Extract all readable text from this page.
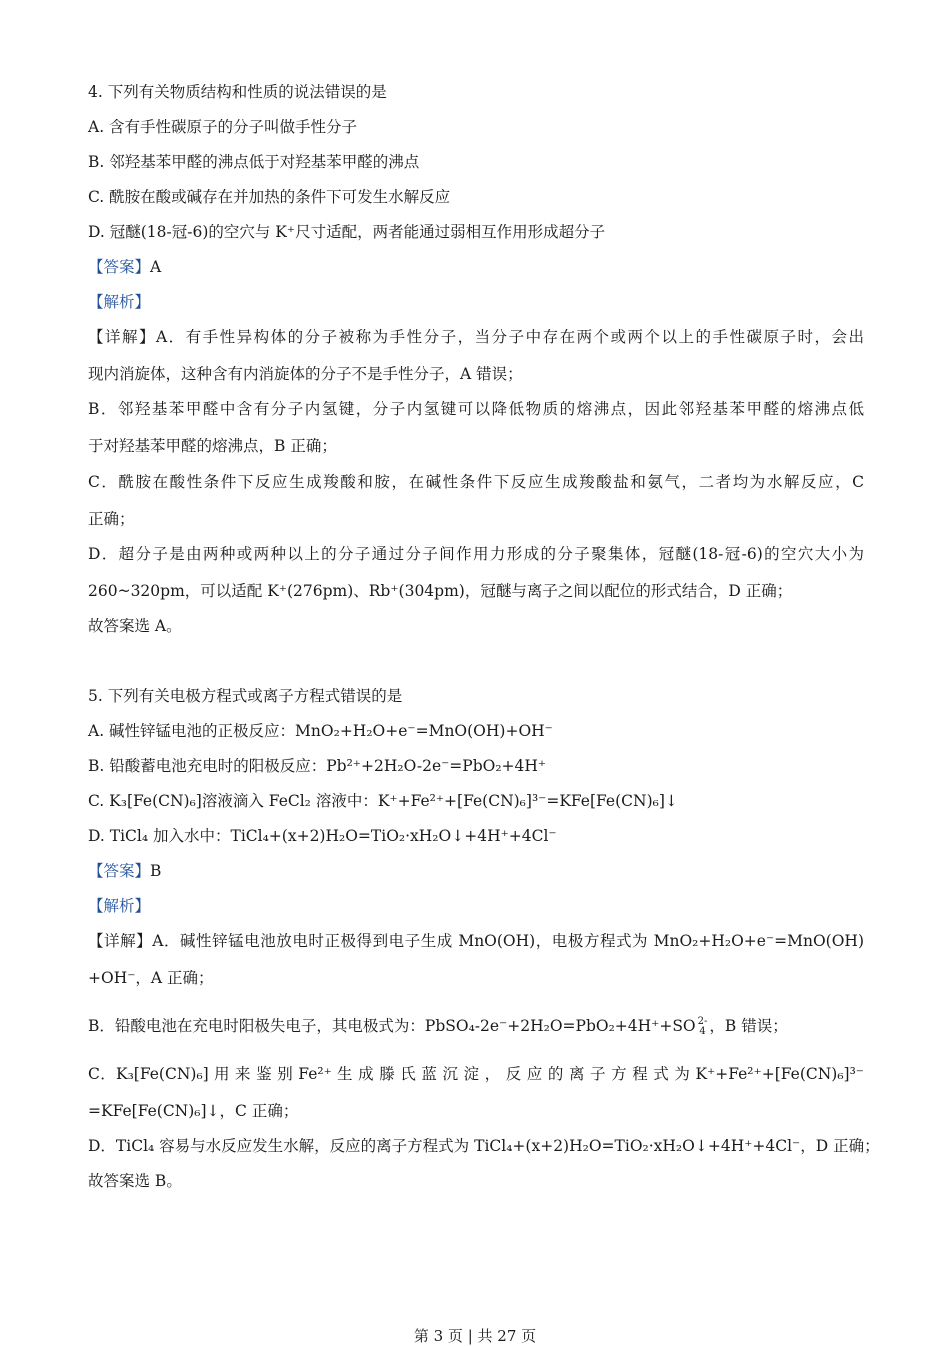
4. 下列有关物质结构和性质的说法错误的是
A. 含有手性碳原子的分子叫做手性分子
B. 邻羟基苯甲醛的沸点低于对羟基苯甲醛的沸点
C. 酰胺在酸或碱存在并加热的条件下可发生水解反应
D. 冠醚(18-冠-6)的空穴与 K⁺尺寸适配，两者能通过弱相互作用形成超分子
【答案】A
【解析】
【详解】A．有手性异构体的分子被称为手性分子，当分子中存在两个或两个以上的手性碳原子时，会出
现内消旋体，这种含有内消旋体的分子不是手性分子，A 错误；
B．邻羟基苯甲醛中含有分子内氢键，分子内氢键可以降低物质的熔沸点，因此邻羟基苯甲醛的熔沸点低
于对羟基苯甲醛的熔沸点，B 正确；
C．酰胺在酸性条件下反应生成羧酸和胺，在碱性条件下反应生成羧酸盐和氨气，二者均为水解反应，C
正确；
D．超分子是由两种或两种以上的分子通过分子间作用力形成的分子聚集体，冠醚(18-冠-6)的空穴大小为
260~320pm，可以适配 K⁺(276pm)、Rb⁺(304pm)，冠醚与离子之间以配位的形式结合，D 正确；
故答案选 A。
5. 下列有关电极方程式或离子方程式错误的是
A. 碱性锌锰电池的正极反应：MnO₂+H₂O+e⁻=MnO(OH)+OH⁻
B. 铅酸蓄电池充电时的阳极反应：Pb²⁺+2H₂O-2e⁻=PbO₂+4H⁺
C. K₃[Fe(CN)₆]溶液滴入 FeCl₂ 溶液中：K⁺+Fe²⁺+[Fe(CN)₆]³⁻=KFe[Fe(CN)₆]↓
D. TiCl₄ 加入水中：TiCl₄+(x+2)H₂O=TiO₂·xH₂O↓+4H⁺+4Cl⁻
【答案】B
【解析】
【详解】A．碱性锌锰电池放电时正极得到电子生成 MnO(OH)，电极方程式为 MnO₂+H₂O+e⁻=MnO(OH)
+OH⁻，A 正确；
B．铅酸电池在充电时阳极失电子，其电极式为：PbSO₄-2e⁻+2H₂O=PbO₂+4H⁺+SO 2-
4 ，B 错误；
C．K₃[Fe(CN)₆] 用 来 鉴 别 Fe²⁺ 生 成 滕 氏 蓝 沉 淀 ， 反 应 的 离 子 方 程 式 为 K⁺+Fe²⁺+[Fe(CN)₆]³⁻
=KFe[Fe(CN)₆]↓，C 正确；
D．TiCl₄ 容易与水反应发生水解，反应的离子方程式为 TiCl₄+(x+2)H₂O=TiO₂·xH₂O↓+4H⁺+4Cl⁻，D 正确；
故答案选 B。
第 3 页 | 共 27 页
